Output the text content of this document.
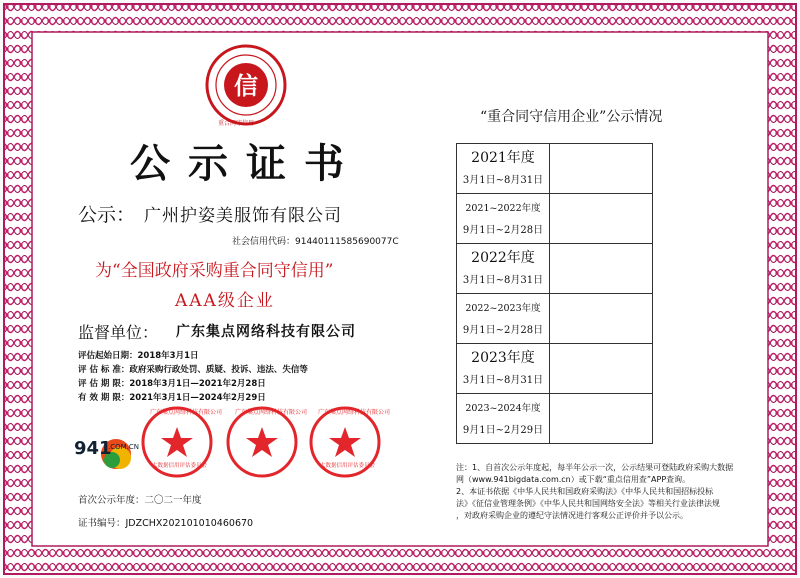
信
重合同守信用
公示证书
公示： 广州护姿美服饰有限公司
社会信用代码：91440111585690077C
为“全国政府采购重合同守信用”
AAA级企业
监督单位： 广东集点网络科技有限公司
评估起始日期：2018年3月1日
评 估 标 准：政府采购行政处罚、质疑、投诉、违法、失信等
评 估 期 限：2018年3月1日—2021年2月28日
有 效 期 限：2021年3月1日—2024年2月29日
941
.COM.CN
广东集点网络科技有限公司
大数据信用评估委员会
广东集点网络科技有限公司 广东集点网络科技有限公司
大数据信用评估委员会
首次公示年度：二〇二一年度
证书编号：JDZCHX202101010460670
“重合同守信用企业”公示情况
2021年度
3月1日~8月31日	

2021~2022年度
9月1日~2月28日	

2022年度
3月1日~8月31日	

2022~2023年度
9月1日~2月28日	

2023年度
3月1日~8月31日	

2023~2024年度
9月1日~2月29日	

注：1、自首次公示年度起，每半年公示一次，公示结果可登陆政府采购大数据
网（www.941bigdata.com.cn）或下载“重点信用查”APP查询。
2、本证书依据《中华人民共和国政府采购法》《中华人民共和国招标投标
法》《征信业管理条例》《中华人民共和国网络安全法》等相关行业法律法规
，对政府采购企业的遵纪守法情况进行客观公正评价并予以公示。
